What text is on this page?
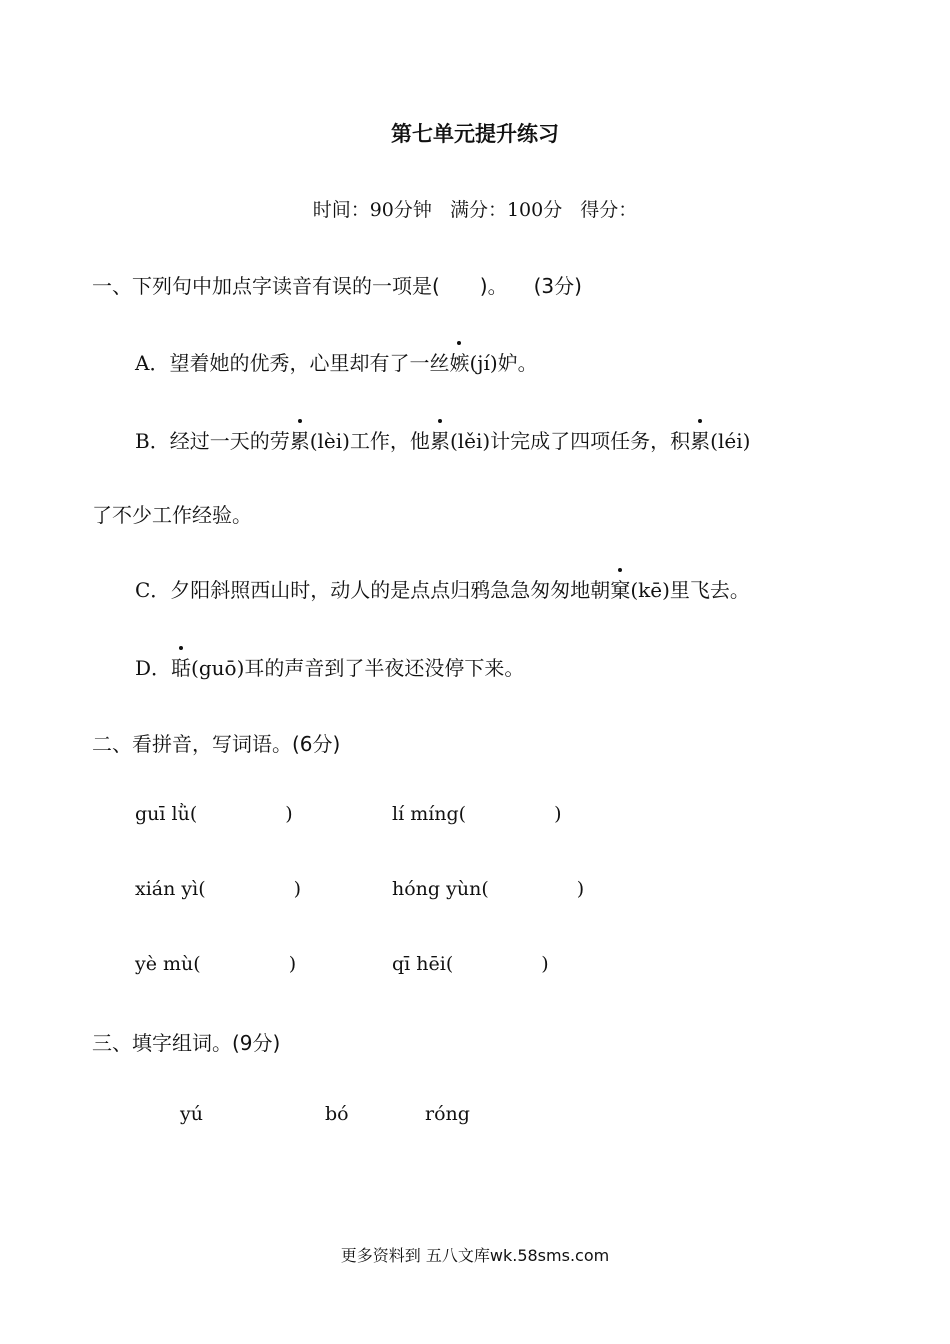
第七单元提升练习
时间：90分钟 满分：100分 得分：
一、下列句中加点字读音有误的一项是(　　)。 (3分)
A．望着她的优秀，心里却有了一丝嫉(jí)妒。
B．经过一天的劳累(lèi)工作，他累(lěi)计完成了四项任务，积累(léi)
了不少工作经验。
C．夕阳斜照西山时，动人的是点点归鸦急急匆匆地朝窠(kē)里飞去。
D．聒(guō)耳的声音到了半夜还没停下来。
二、看拼音，写词语。(6分)
guī lǜ(	)	lí míng(	)
xián yì(	)	hóng yùn(	)
yè mù(	)	qī hēi(	)
三、填字组词。(9分)
yú	bó	róng
更多资料到 五八文库wk.58sms.com
